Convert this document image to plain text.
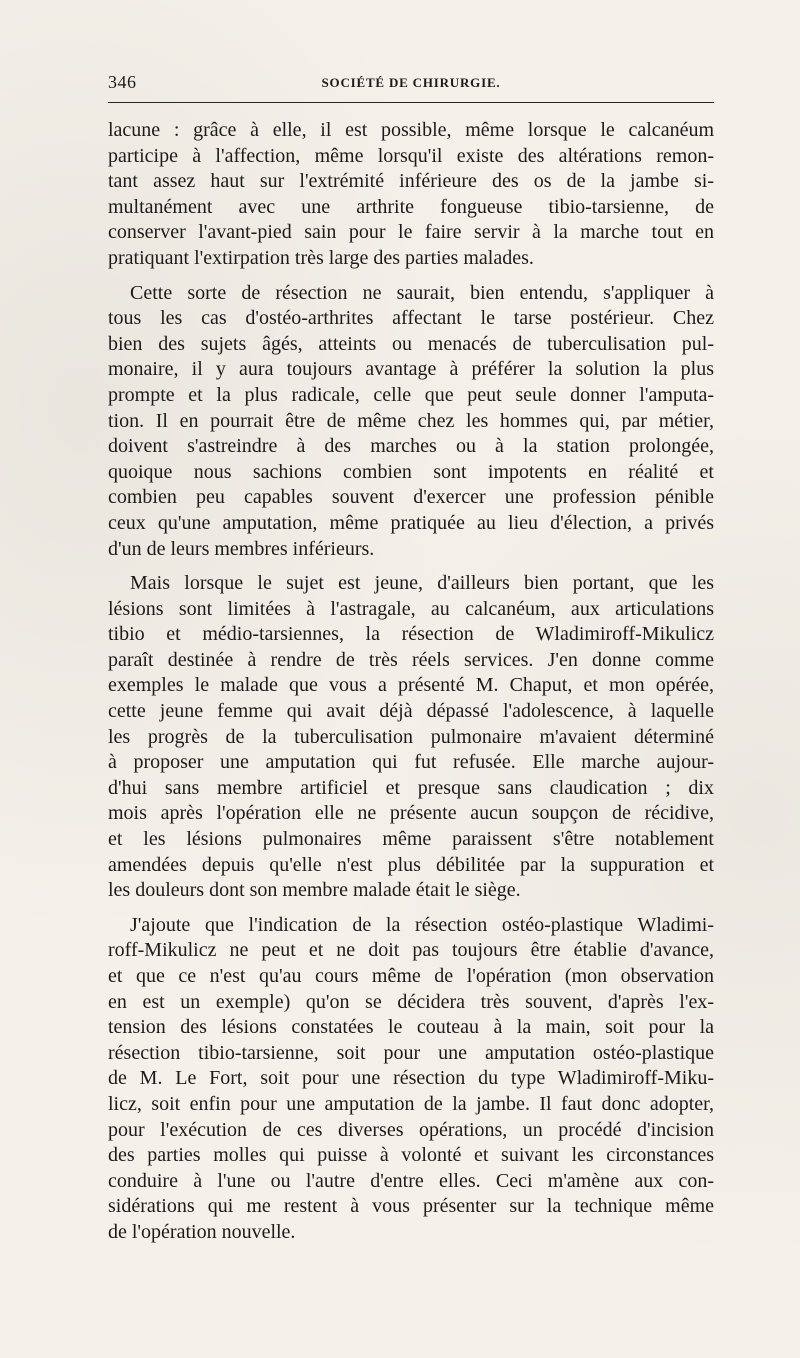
346	SOCIÉTÉ DE CHIRURGIE.
lacune : grâce à elle, il est possible, même lorsque le calcanéum
participe à l'affection, même lorsqu'il existe des altérations remon-
tant assez haut sur l'extrémité inférieure des os de la jambe si-
multanément avec une arthrite fongueuse tibio-tarsienne, de
conserver l'avant-pied sain pour le faire servir à la marche tout en
pratiquant l'extirpation très large des parties malades.
Cette sorte de résection ne saurait, bien entendu, s'appliquer à
tous les cas d'ostéo-arthrites affectant le tarse postérieur. Chez
bien des sujets âgés, atteints ou menacés de tuberculisation pul-
monaire, il y aura toujours avantage à préférer la solution la plus
prompte et la plus radicale, celle que peut seule donner l'amputa-
tion. Il en pourrait être de même chez les hommes qui, par métier,
doivent s'astreindre à des marches ou à la station prolongée,
quoique nous sachions combien sont impotents en réalité et
combien peu capables souvent d'exercer une profession pénible
ceux qu'une amputation, même pratiquée au lieu d'élection, a privés
d'un de leurs membres inférieurs.
Mais lorsque le sujet est jeune, d'ailleurs bien portant, que les
lésions sont limitées à l'astragale, au calcanéum, aux articulations
tibio et médio-tarsiennes, la résection de Wladimiroff-Mikulicz
paraît destinée à rendre de très réels services. J'en donne comme
exemples le malade que vous a présenté M. Chaput, et mon opérée,
cette jeune femme qui avait déjà dépassé l'adolescence, à laquelle
les progrès de la tuberculisation pulmonaire m'avaient déterminé
à proposer une amputation qui fut refusée. Elle marche aujour-
d'hui sans membre artificiel et presque sans claudication ; dix
mois après l'opération elle ne présente aucun soupçon de récidive,
et les lésions pulmonaires même paraissent s'être notablement
amendées depuis qu'elle n'est plus débilitée par la suppuration et
les douleurs dont son membre malade était le siège.
J'ajoute que l'indication de la résection ostéo-plastique Wladimi-
roff-Mikulicz ne peut et ne doit pas toujours être établie d'avance,
et que ce n'est qu'au cours même de l'opération (mon observation
en est un exemple) qu'on se décidera très souvent, d'après l'ex-
tension des lésions constatées le couteau à la main, soit pour la
résection tibio-tarsienne, soit pour une amputation ostéo-plastique
de M. Le Fort, soit pour une résection du type Wladimiroff-Miku-
licz, soit enfin pour une amputation de la jambe. Il faut donc adopter,
pour l'exécution de ces diverses opérations, un procédé d'incision
des parties molles qui puisse à volonté et suivant les circonstances
conduire à l'une ou l'autre d'entre elles. Ceci m'amène aux con-
sidérations qui me restent à vous présenter sur la technique même
de l'opération nouvelle.
